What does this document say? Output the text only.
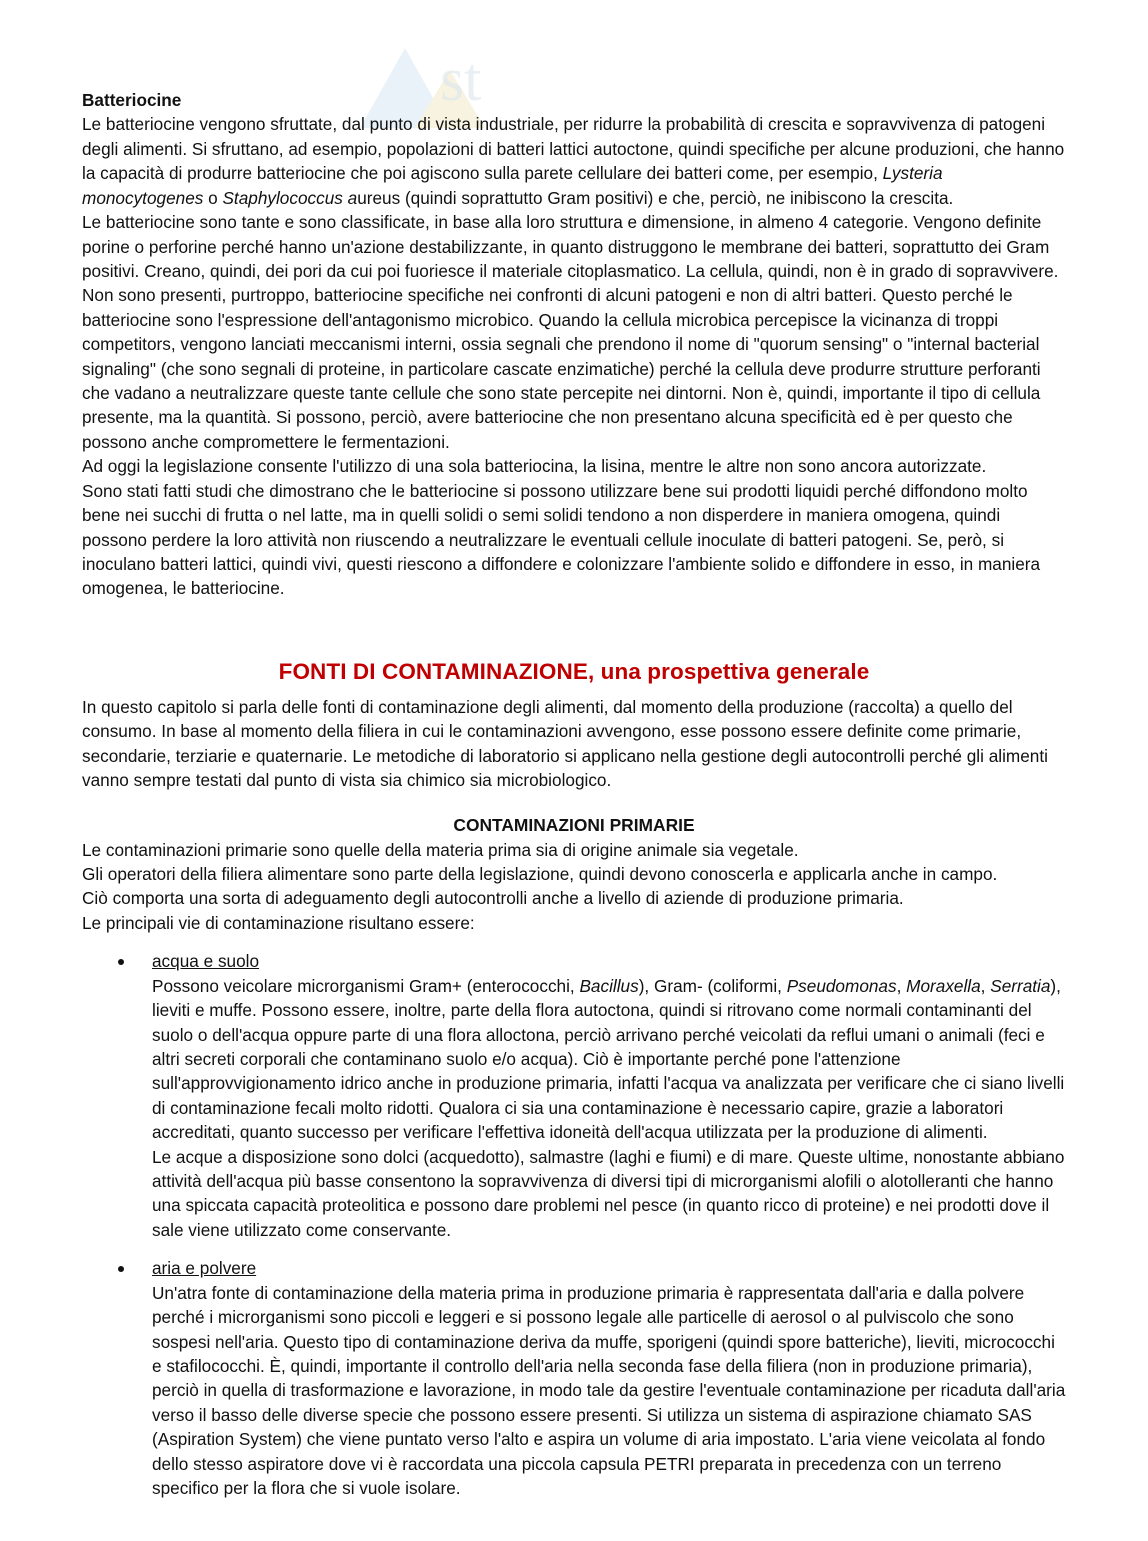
st
Batteriocine
Le batteriocine vengono sfruttate, dal punto di vista industriale, per ridurre la probabilità di crescita e sopravvivenza di patogeni degli alimenti. Si sfruttano, ad esempio, popolazioni di batteri lattici autoctone, quindi specifiche per alcune produzioni, che hanno la capacità di produrre batteriocine che poi agiscono sulla parete cellulare dei batteri come, per esempio, Lysteria monocytogenes o Staphylococcus aureus (quindi soprattutto Gram positivi) e che, perciò, ne inibiscono la crescita.
Le batteriocine sono tante e sono classificate, in base alla loro struttura e dimensione, in almeno 4 categorie. Vengono definite porine o perforine perché hanno un'azione destabilizzante, in quanto distruggono le membrane dei batteri, soprattutto dei Gram positivi. Creano, quindi, dei pori da cui poi fuoriesce il materiale citoplasmatico. La cellula, quindi, non è in grado di sopravvivere. Non sono presenti, purtroppo, batteriocine specifiche nei confronti di alcuni patogeni e non di altri batteri. Questo perché le batteriocine sono l'espressione dell'antagonismo microbico. Quando la cellula microbica percepisce la vicinanza di troppi competitors, vengono lanciati meccanismi interni, ossia segnali che prendono il nome di "quorum sensing" o "internal bacterial signaling" (che sono segnali di proteine, in particolare cascate enzimatiche) perché la cellula deve produrre strutture perforanti che vadano a neutralizzare queste tante cellule che sono state percepite nei dintorni. Non è, quindi, importante il tipo di cellula presente, ma la quantità. Si possono, perciò, avere batteriocine che non presentano alcuna specificità ed è per questo che possono anche compromettere le fermentazioni.
Ad oggi la legislazione consente l'utilizzo di una sola batteriocina, la lisina, mentre le altre non sono ancora autorizzate.
Sono stati fatti studi che dimostrano che le batteriocine si possono utilizzare bene sui prodotti liquidi perché diffondono molto bene nei succhi di frutta o nel latte, ma in quelli solidi o semi solidi tendono a non disperdere in maniera omogena, quindi possono perdere la loro attività non riuscendo a neutralizzare le eventuali cellule inoculate di batteri patogeni. Se, però, si inoculano batteri lattici, quindi vivi, questi riescono a diffondere e colonizzare l'ambiente solido e diffondere in esso, in maniera omogenea, le batteriocine.
FONTI DI CONTAMINAZIONE, una prospettiva generale
In questo capitolo si parla delle fonti di contaminazione degli alimenti, dal momento della produzione (raccolta) a quello del consumo. In base al momento della filiera in cui le contaminazioni avvengono, esse possono essere definite come primarie, secondarie, terziarie e quaternarie. Le metodiche di laboratorio si applicano nella gestione degli autocontrolli perché gli alimenti vanno sempre testati dal punto di vista sia chimico sia microbiologico.
CONTAMINAZIONI PRIMARIE
Le contaminazioni primarie sono quelle della materia prima sia di origine animale sia vegetale.
Gli operatori della filiera alimentare sono parte della legislazione, quindi devono conoscerla e applicarla anche in campo.
Ciò comporta una sorta di adeguamento degli autocontrolli anche a livello di aziende di produzione primaria.
Le principali vie di contaminazione risultano essere:
acqua e suolo
Possono veicolare microrganismi Gram+ (enterococchi, Bacillus), Gram- (coliformi, Pseudomonas, Moraxella, Serratia), lieviti e muffe. Possono essere, inoltre, parte della flora autoctona, quindi si ritrovano come normali contaminanti del suolo o dell'acqua oppure parte di una flora alloctona, perciò arrivano perché veicolati da reflui umani o animali (feci e altri secreti corporali che contaminano suolo e/o acqua). Ciò è importante perché pone l'attenzione sull'approvvigionamento idrico anche in produzione primaria, infatti l'acqua va analizzata per verificare che ci siano livelli di contaminazione fecali molto ridotti. Qualora ci sia una contaminazione è necessario capire, grazie a laboratori accreditati, quanto successo per verificare l'effettiva idoneità dell'acqua utilizzata per la produzione di alimenti.
Le acque a disposizione sono dolci (acquedotto), salmastre (laghi e fiumi) e di mare. Queste ultime, nonostante abbiano attività dell'acqua più basse consentono la sopravvivenza di diversi tipi di microrganismi alofili o alotolleranti che hanno una spiccata capacità proteolitica e possono dare problemi nel pesce (in quanto ricco di proteine) e nei prodotti dove il sale viene utilizzato come conservante.
aria e polvere
Un'atra fonte di contaminazione della materia prima in produzione primaria è rappresentata dall'aria e dalla polvere perché i microrganismi sono piccoli e leggeri e si possono legale alle particelle di aerosol o al pulviscolo che sono sospesi nell'aria. Questo tipo di contaminazione deriva da muffe, sporigeni (quindi spore batteriche), lieviti, micrococchi e stafilococchi. È, quindi, importante il controllo dell'aria nella seconda fase della filiera (non in produzione primaria), perciò in quella di trasformazione e lavorazione, in modo tale da gestire l'eventuale contaminazione per ricaduta dall'aria verso il basso delle diverse specie che possono essere presenti. Si utilizza un sistema di aspirazione chiamato SAS (Aspiration System) che viene puntato verso l'alto e aspira un volume di aria impostato. L'aria viene veicolata al fondo dello stesso aspiratore dove vi è raccordata una piccola capsula PETRI preparata in precedenza con un terreno specifico per la flora che si vuole isolare.
